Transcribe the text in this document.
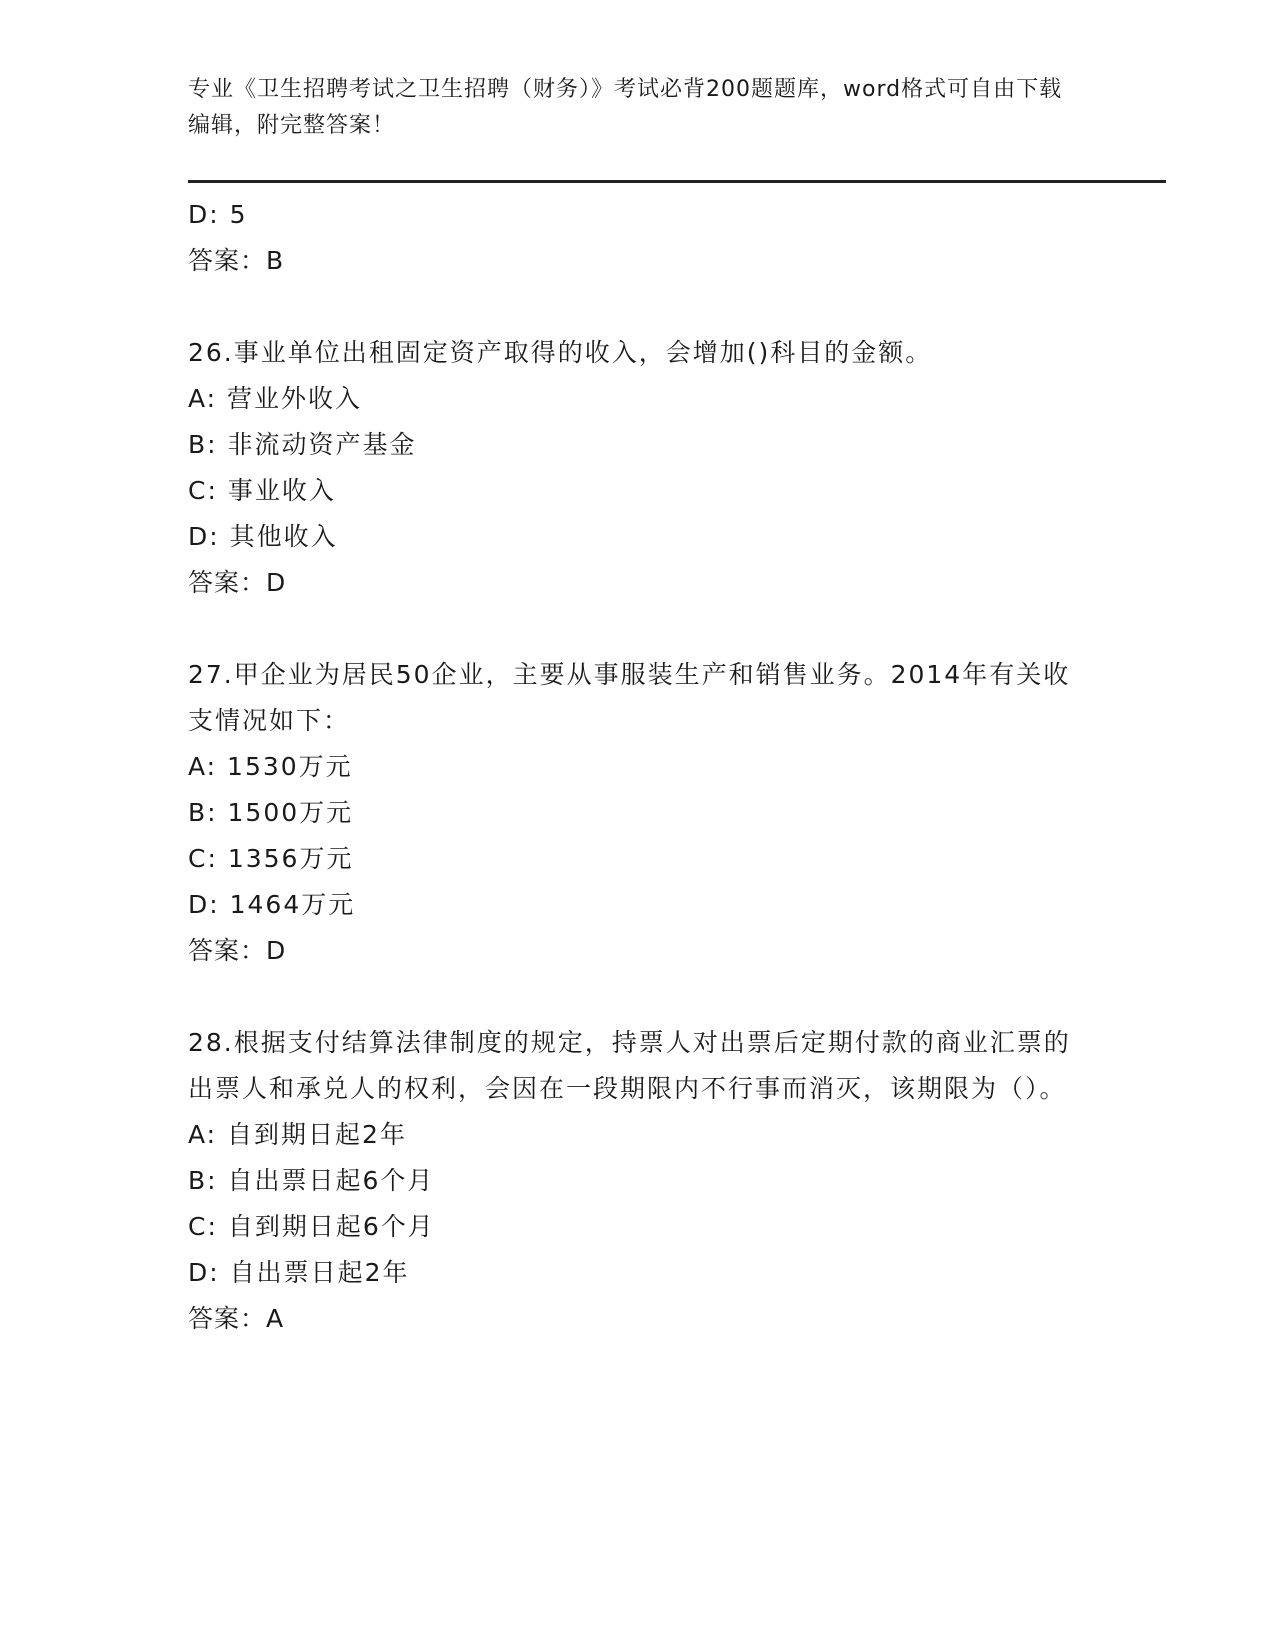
专业《卫生招聘考试之卫生招聘（财务）》考试必背200题题库，word格式可自由下载编辑，附完整答案！
D: 5
答案：B
26.事业单位出租固定资产取得的收入，会增加()科目的金额。
A: 营业外收入
B: 非流动资产基金
C: 事业收入
D: 其他收入
答案：D
27.甲企业为居民50企业，主要从事服装生产和销售业务。2014年有关收支情况如下：
A: 1530万元
B: 1500万元
C: 1356万元
D: 1464万元
答案：D
28.根据支付结算法律制度的规定，持票人对出票后定期付款的商业汇票的出票人和承兑人的权利，会因在一段期限内不行事而消灭，该期限为（）。
A: 自到期日起2年
B: 自出票日起6个月
C: 自到期日起6个月
D: 自出票日起2年
答案：A
